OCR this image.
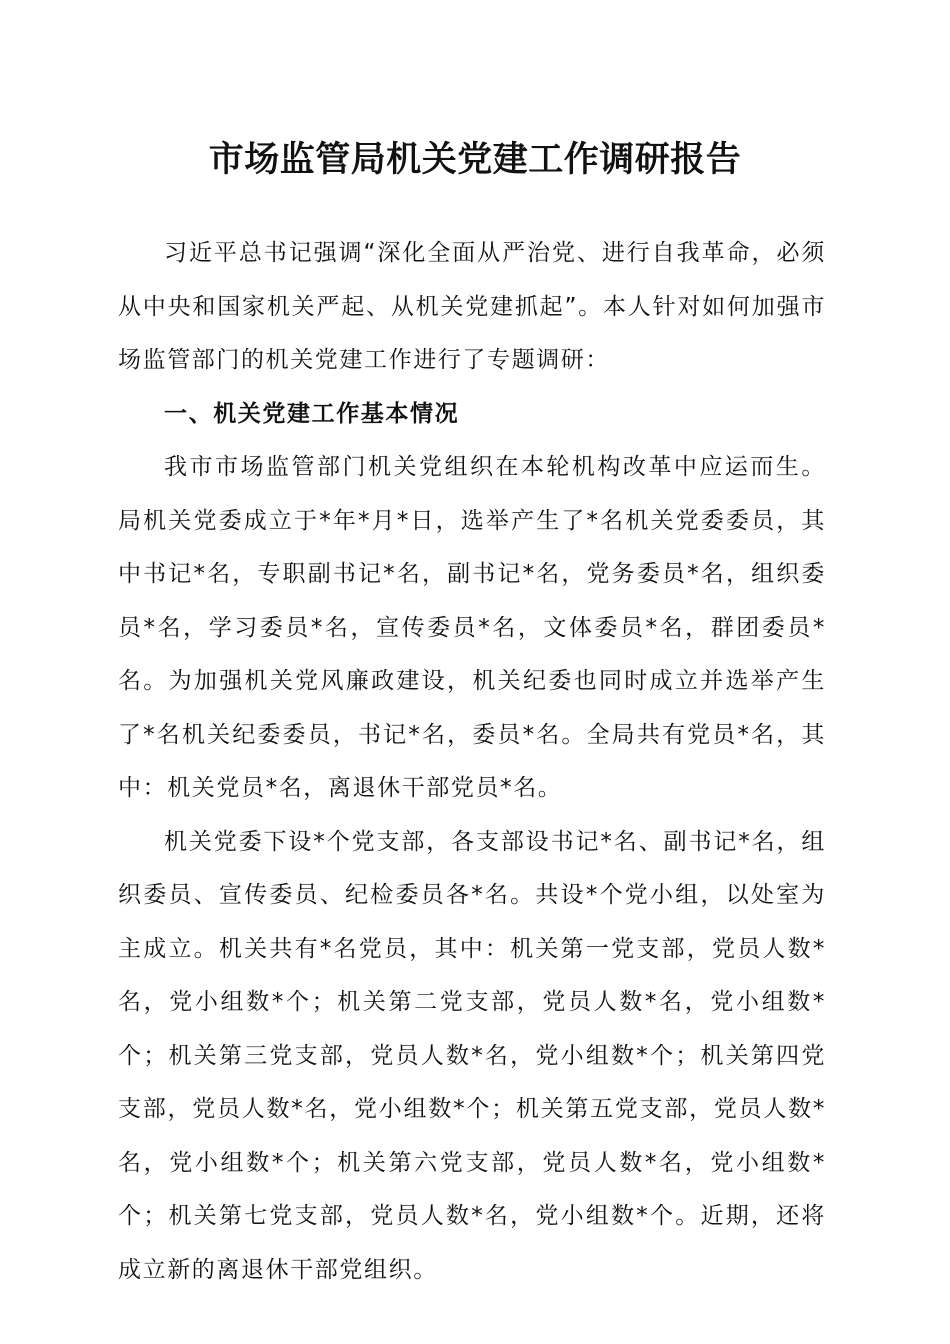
市场监管局机关党建工作调研报告

习近平总书记强调“深化全面从严治党、进行自我革命，必须从中央和国家机关严起、从机关党建抓起”。本人针对如何加强市场监管部门的机关党建工作进行了专题调研：

一、机关党建工作基本情况

我市市场监管部门机关党组织在本轮机构改革中应运而生。局机关党委成立于*年*月*日，选举产生了*名机关党委委员，其中书记*名，专职副书记*名，副书记*名，党务委员*名，组织委员*名，学习委员*名，宣传委员*名，文体委员*名，群团委员*名。为加强机关党风廉政建设，机关纪委也同时成立并选举产生了*名机关纪委委员，书记*名，委员*名。全局共有党员*名，其中：机关党员*名，离退休干部党员*名。

机关党委下设*个党支部，各支部设书记*名、副书记*名，组织委员、宣传委员、纪检委员各*名。共设*个党小组，以处室为主成立。机关共有*名党员，其中：机关第一党支部，党员人数*名，党小组数*个；机关第二党支部，党员人数*名，党小组数*个；机关第三党支部，党员人数*名，党小组数*个；机关第四党支部，党员人数*名，党小组数*个；机关第五党支部，党员人数*名，党小组数*个；机关第六党支部，党员人数*名，党小组数*个；机关第七党支部，党员人数*名，党小组数*个。近期，还将成立新的离退休干部党组织。
